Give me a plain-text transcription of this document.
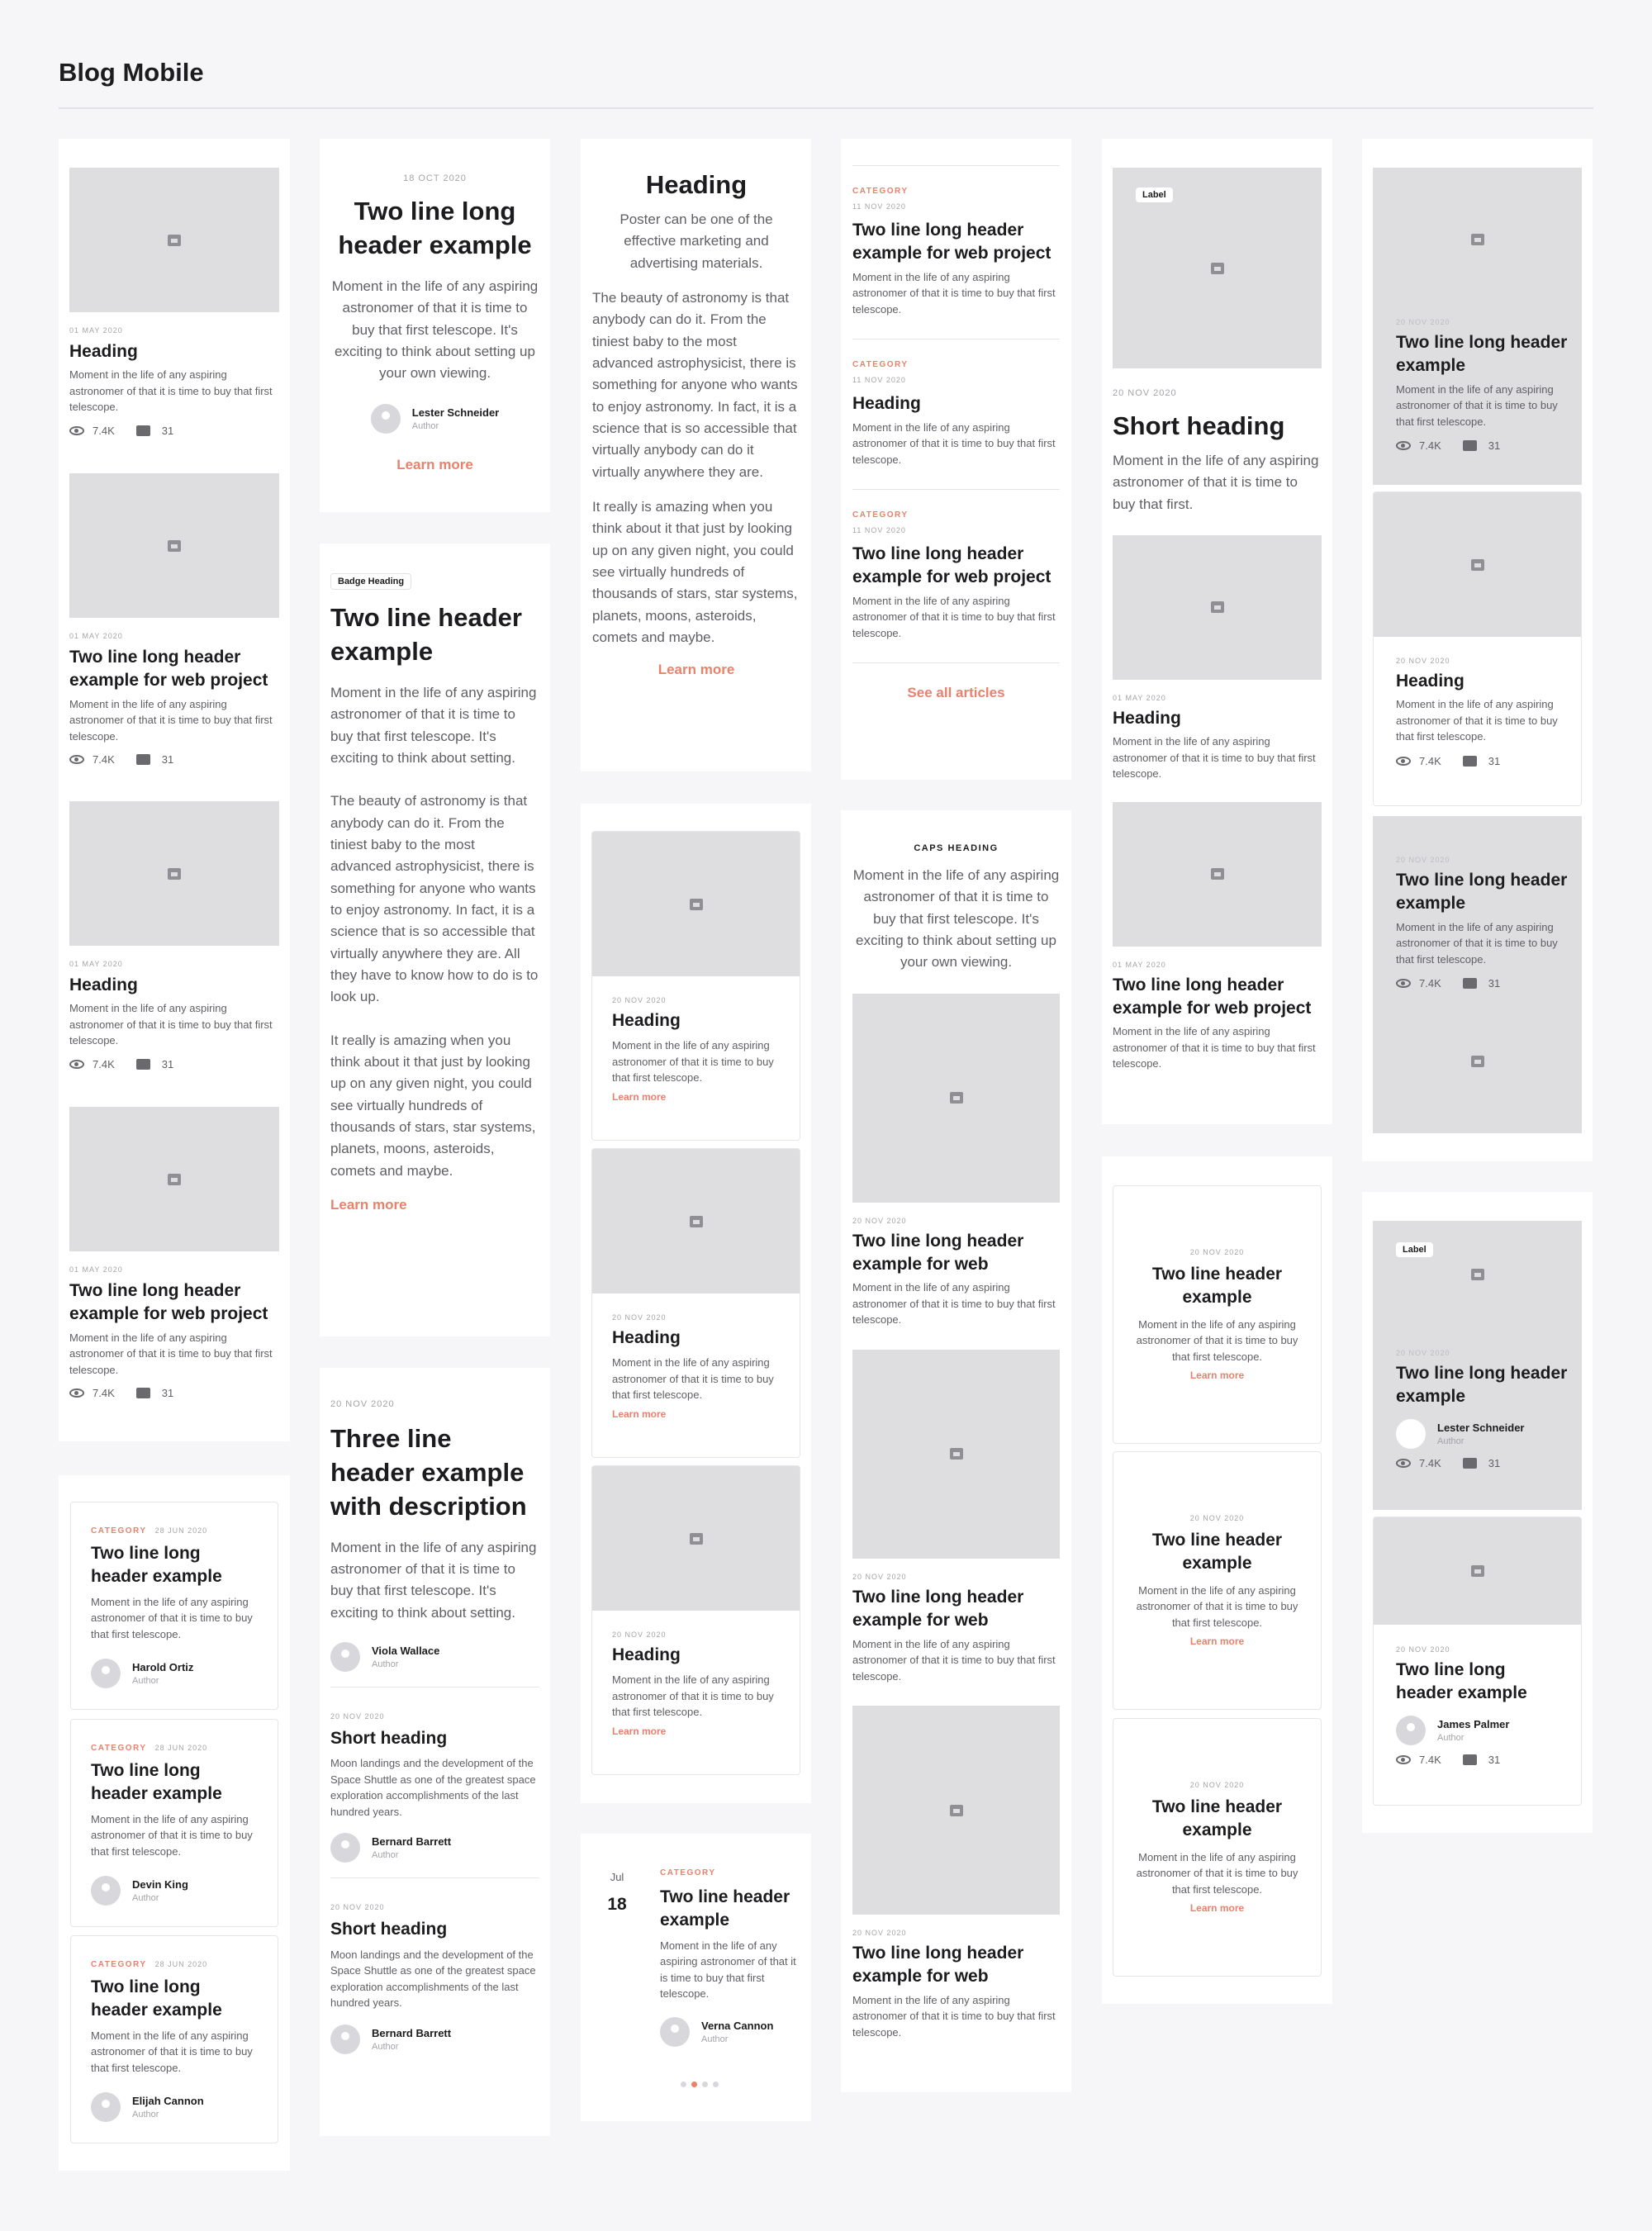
Blog Mobile
01 MAY 2020
Heading
Moment in the life of any aspiring astronomer of that it is time to buy that first telescope.
7.4K	31
01 MAY 2020
Two line long header example for web project
Moment in the life of any aspiring astronomer of that it is time to buy that first telescope.
7.4K	31
01 MAY 2020
Heading
Moment in the life of any aspiring astronomer of that it is time to buy that first telescope.
7.4K	31
01 MAY 2020
Two line long header example for web project
Moment in the life of any aspiring astronomer of that it is time to buy that first telescope.
7.4K	31
CATEGORY 28 JUN 2020
Two line long header example
Moment in the life of any aspiring astronomer of that it is time to buy that first telescope.
Harold Ortiz
Author
CATEGORY 28 JUN 2020
Two line long header example
Moment in the life of any aspiring astronomer of that it is time to buy that first telescope.
Devin King
Author
CATEGORY 28 JUN 2020
Two line long header example
Moment in the life of any aspiring astronomer of that it is time to buy that first telescope.
Elijah Cannon
Author
18 OCT 2020
Two line long header example
Moment in the life of any aspiring astronomer of that it is time to buy that first telescope. It's exciting to think about setting up your own viewing.
Lester Schneider
Author
Learn more
Badge Heading
Two line header example
Moment in the life of any aspiring astronomer of that it is time to buy that first telescope. It's exciting to think about setting.
The beauty of astronomy is that anybody can do it. From the tiniest baby to the most advanced astrophysicist, there is something for anyone who wants to enjoy astronomy. In fact, it is a science that is so accessible that virtually anywhere they are. All they have to know how to do is to look up.
It really is amazing when you think about it that just by looking up on any given night, you could see virtually hundreds of thousands of stars, star systems, planets, moons, asteroids, comets and maybe.
Learn more
20 NOV 2020
Three line header example with description
Moment in the life of any aspiring astronomer of that it is time to buy that first telescope. It's exciting to think about setting.
Viola Wallace
Author
20 NOV 2020
Short heading
Moon landings and the development of the Space Shuttle as one of the greatest space exploration accomplishments of the last hundred years.
Bernard Barrett
Author
20 NOV 2020
Short heading
Moon landings and the development of the Space Shuttle as one of the greatest space exploration accomplishments of the last hundred years.
Bernard Barrett
Author
Heading
Poster can be one of the effective marketing and advertising materials.
The beauty of astronomy is that anybody can do it. From the tiniest baby to the most advanced astrophysicist, there is something for anyone who wants to enjoy astronomy. In fact, it is a science that is so accessible that virtually anybody can do it virtually anywhere they are.
It really is amazing when you think about it that just by looking up on any given night, you could see virtually hundreds of thousands of stars, star systems, planets, moons, asteroids, comets and maybe.
Learn more
20 NOV 2020
Heading
Moment in the life of any aspiring astronomer of that it is time to buy that first telescope.
Learn more
20 NOV 2020
Heading
Moment in the life of any aspiring astronomer of that it is time to buy that first telescope.
Learn more
20 NOV 2020
Heading
Moment in the life of any aspiring astronomer of that it is time to buy that first telescope.
Learn more
Jul
18
CATEGORY
Two line header example
Moment in the life of any aspiring astronomer of that it is time to buy that first telescope.
Verna Cannon
Author
CATEGORY
11 NOV 2020
Two line long header example for web project
Moment in the life of any aspiring astronomer of that it is time to buy that first telescope.
CATEGORY
11 NOV 2020
Heading
Moment in the life of any aspiring astronomer of that it is time to buy that first telescope.
CATEGORY
11 NOV 2020
Two line long header example for web project
Moment in the life of any aspiring astronomer of that it is time to buy that first telescope.
See all articles
CAPS HEADING
Moment in the life of any aspiring astronomer of that it is time to buy that first telescope. It's exciting to think about setting up your own viewing.
20 NOV 2020
Two line long header example for web
Moment in the life of any aspiring astronomer of that it is time to buy that first telescope.
20 NOV 2020
Two line long header example for web
Moment in the life of any aspiring astronomer of that it is time to buy that first telescope.
20 NOV 2020
Two line long header example for web
Moment in the life of any aspiring astronomer of that it is time to buy that first telescope.
Label
20 NOV 2020
Short heading
Moment in the life of any aspiring astronomer of that it is time to buy that first.
01 MAY 2020
Heading
Moment in the life of any aspiring astronomer of that it is time to buy that first telescope.
01 MAY 2020
Two line long header example for web project
Moment in the life of any aspiring astronomer of that it is time to buy that first telescope.
20 NOV 2020
Two line header example
Moment in the life of any aspiring astronomer of that it is time to buy that first telescope.
Learn more
20 NOV 2020
Two line header example
Moment in the life of any aspiring astronomer of that it is time to buy that first telescope.
Learn more
20 NOV 2020
Two line header example
Moment in the life of any aspiring astronomer of that it is time to buy that first telescope.
Learn more
20 NOV 2020
Two line long header example
Moment in the life of any aspiring astronomer of that it is time to buy that first telescope.
7.4K	31
20 NOV 2020
Heading
Moment in the life of any aspiring astronomer of that it is time to buy that first telescope.
7.4K	31
20 NOV 2020
Two line long header example
Moment in the life of any aspiring astronomer of that it is time to buy that first telescope.
7.4K	31
Label
20 NOV 2020
Two line long header example
Lester Schneider
Author
7.4K	31
20 NOV 2020
Two line long header example
James Palmer
Author
7.4K	31
